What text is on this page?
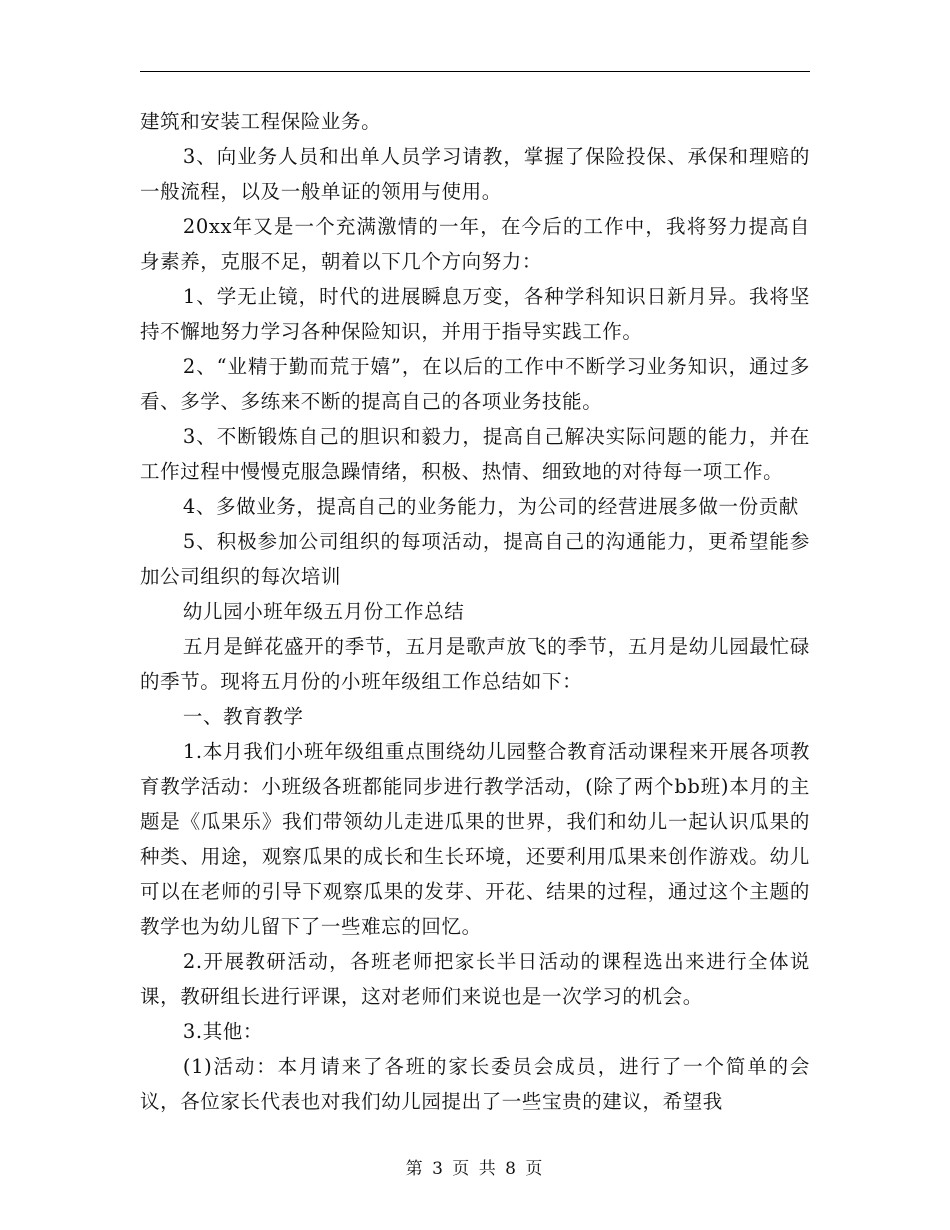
建筑和安装工程保险业务。

3、向业务人员和出单人员学习请教，掌握了保险投保、承保和理赔的一般流程，以及一般单证的领用与使用。

20xx年又是一个充满激情的一年，在今后的工作中，我将努力提高自身素养，克服不足，朝着以下几个方向努力：

1、学无止镜，时代的进展瞬息万变，各种学科知识日新月异。我将坚持不懈地努力学习各种保险知识，并用于指导实践工作。

2、“业精于勤而荒于嬉”，在以后的工作中不断学习业务知识，通过多看、多学、多练来不断的提高自己的各项业务技能。

3、不断锻炼自己的胆识和毅力，提高自己解决实际问题的能力，并在工作过程中慢慢克服急躁情绪，积极、热情、细致地的对待每一项工作。

4、多做业务，提高自己的业务能力，为公司的经营进展多做一份贡献

5、积极参加公司组织的每项活动，提高自己的沟通能力，更希望能参加公司组织的每次培训

幼儿园小班年级五月份工作总结

五月是鲜花盛开的季节，五月是歌声放飞的季节，五月是幼儿园最忙碌的季节。现将五月份的小班年级组工作总结如下：

一、教育教学

1.本月我们小班年级组重点围绕幼儿园整合教育活动课程来开展各项教育教学活动：小班级各班都能同步进行教学活动，(除了两个bb班)本月的主题是《瓜果乐》我们带领幼儿走进瓜果的世界，我们和幼儿一起认识瓜果的种类、用途，观察瓜果的成长和生长环境，还要利用瓜果来创作游戏。幼儿可以在老师的引导下观察瓜果的发芽、开花、结果的过程，通过这个主题的教学也为幼儿留下了一些难忘的回忆。

2.开展教研活动，各班老师把家长半日活动的课程选出来进行全体说课，教研组长进行评课，这对老师们来说也是一次学习的机会。

3.其他：

(1)活动：本月请来了各班的家长委员会成员，进行了一个简单的会议，各位家长代表也对我们幼儿园提出了一些宝贵的建议，希望我

第 3 页 共 8 页
